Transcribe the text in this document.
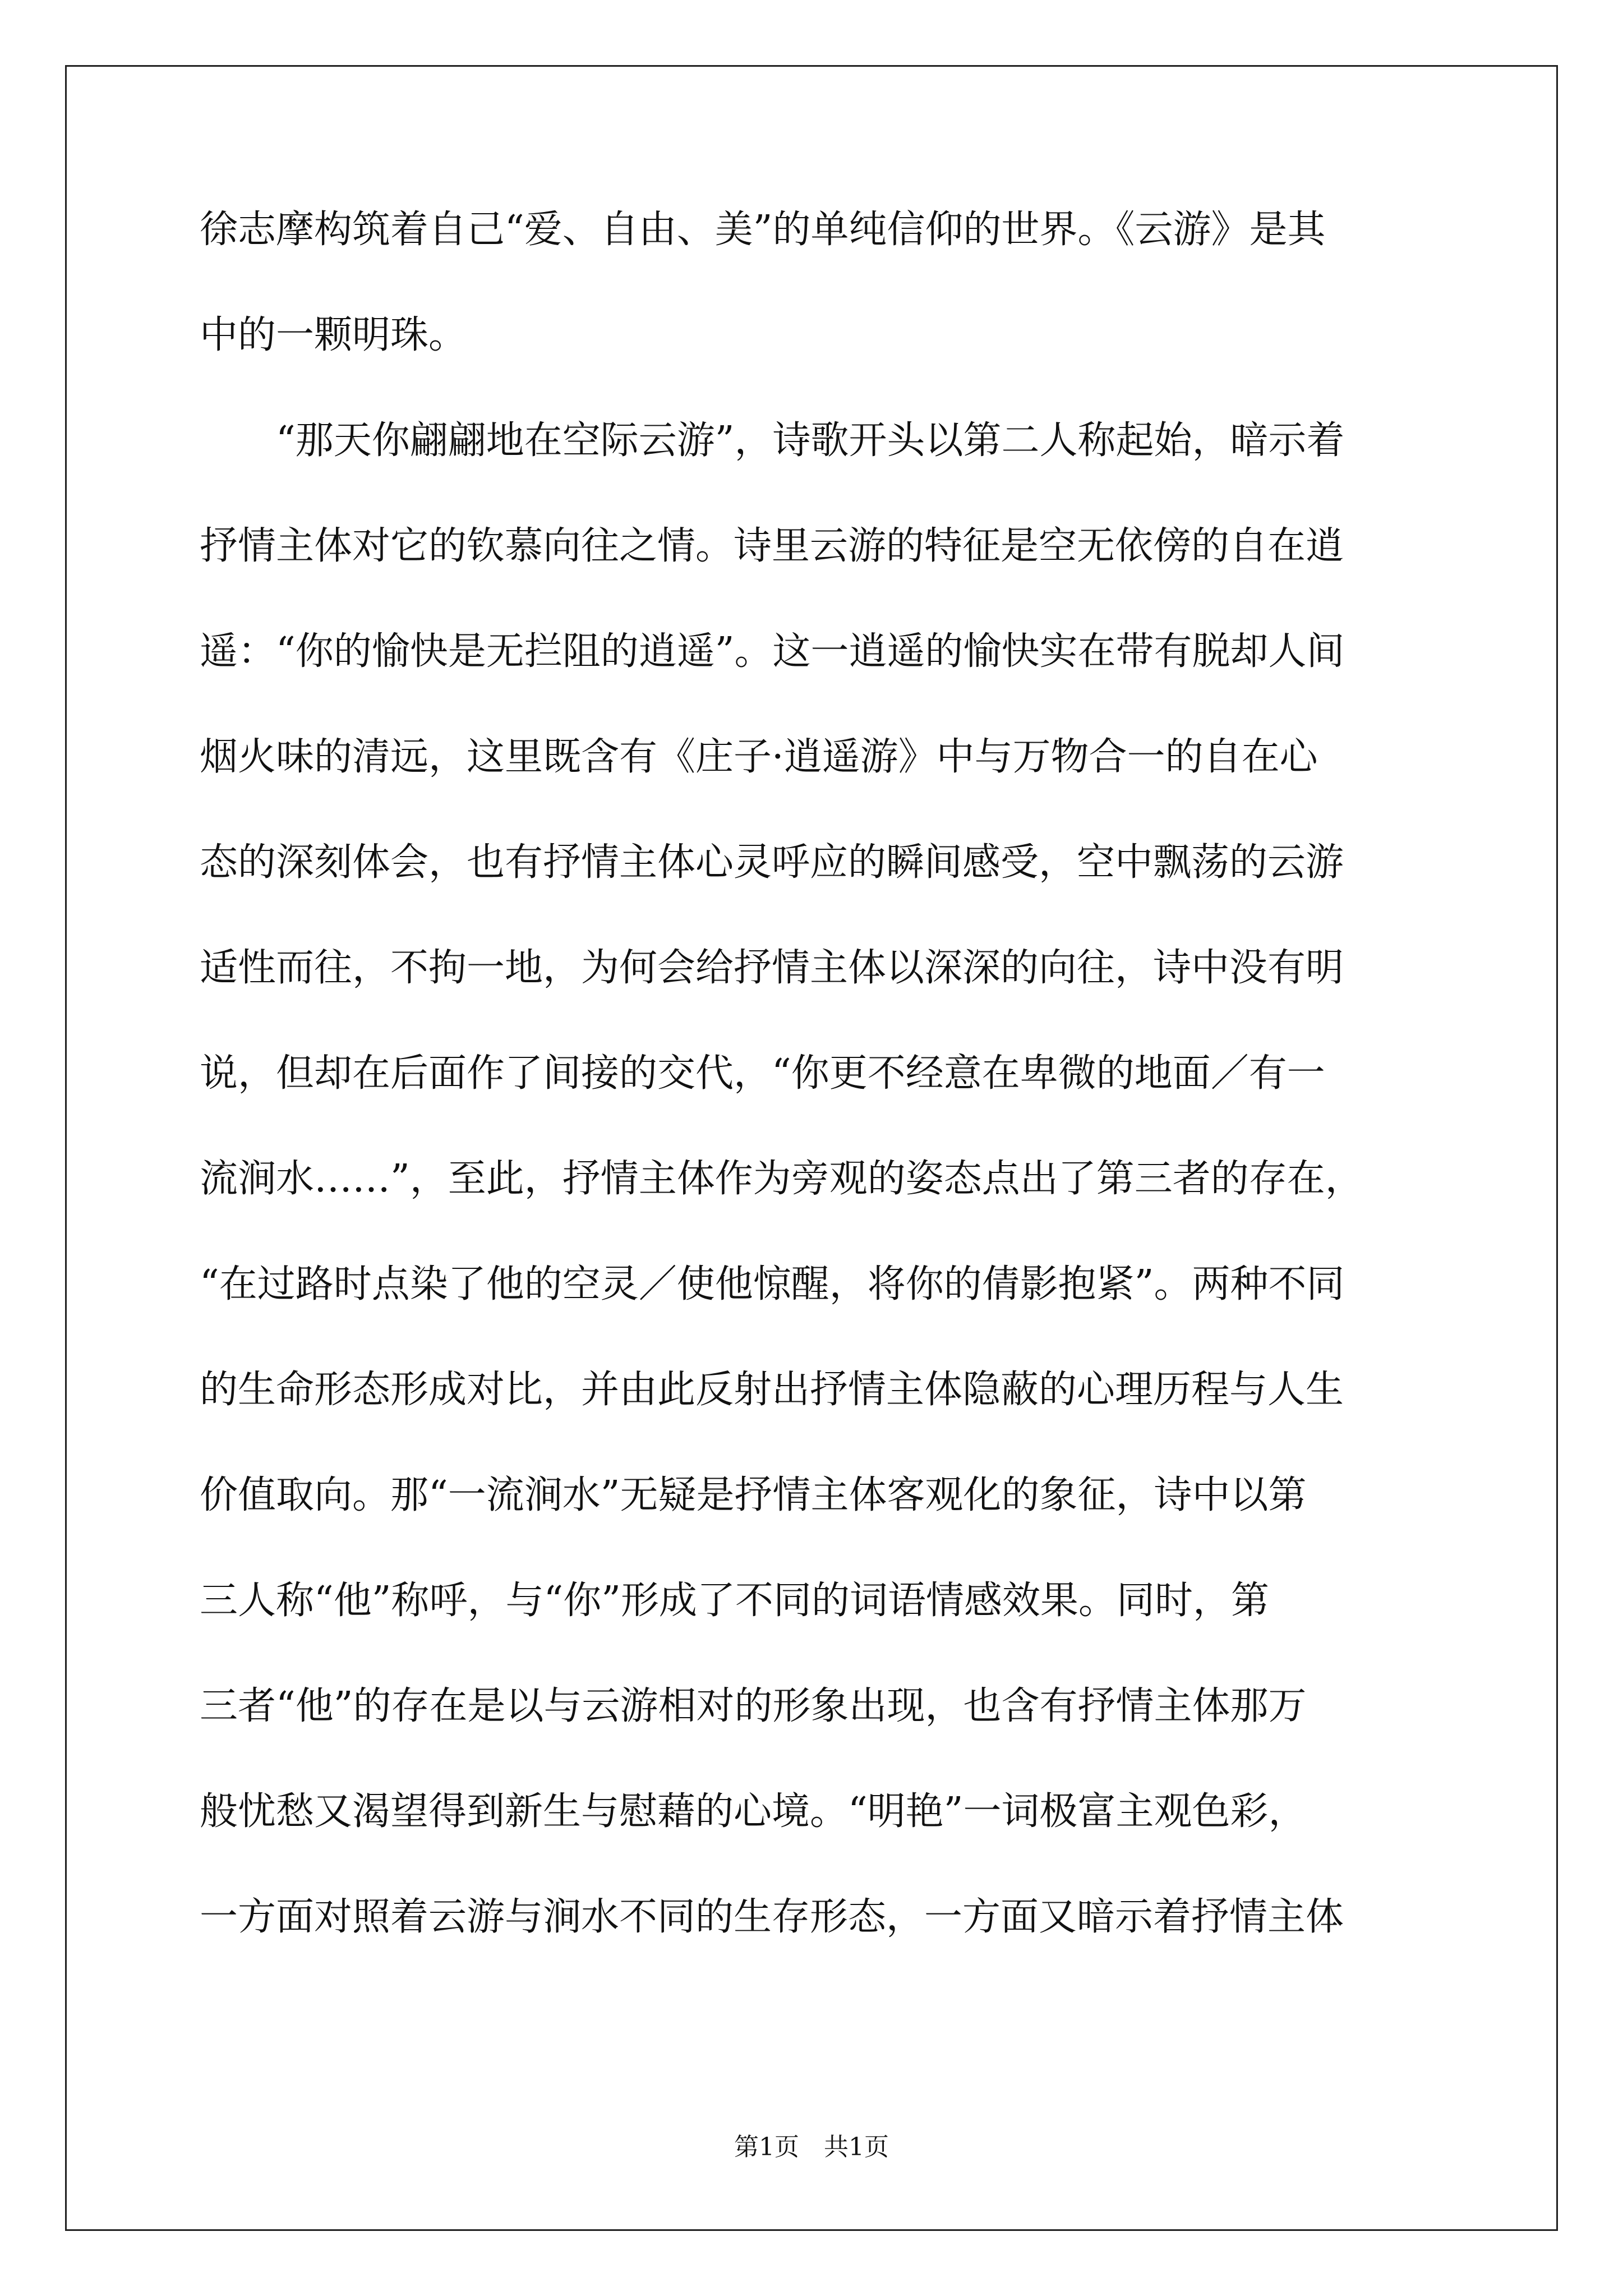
徐志摩构筑着自己“爱、自由、美”的单纯信仰的世界。《云游》是其
中的一颗明珠。
　　“那天你翩翩地在空际云游”，诗歌开头以第二人称起始，暗示着
抒情主体对它的钦慕向往之情。诗里云游的特征是空无依傍的自在逍
遥：“你的愉快是无拦阻的逍遥”。这一逍遥的愉快实在带有脱却人间
烟火味的清远，这里既含有《庄子·逍遥游》中与万物合一的自在心
态的深刻体会，也有抒情主体心灵呼应的瞬间感受，空中飘荡的云游
适性而往，不拘一地，为何会给抒情主体以深深的向往，诗中没有明
说，但却在后面作了间接的交代，“你更不经意在卑微的地面／有一
流涧水……”，至此，抒情主体作为旁观的姿态点出了第三者的存在，
“在过路时点染了他的空灵／使他惊醒，将你的倩影抱紧”。两种不同
的生命形态形成对比，并由此反射出抒情主体隐蔽的心理历程与人生
价值取向。那“一流涧水”无疑是抒情主体客观化的象征，诗中以第
三人称“他”称呼，与“你”形成了不同的词语情感效果。同时，第
三者“他”的存在是以与云游相对的形象出现，也含有抒情主体那万
般忧愁又渴望得到新生与慰藉的心境。“明艳”一词极富主观色彩，
一方面对照着云游与涧水不同的生存形态，一方面又暗示着抒情主体
第1页　共1页
